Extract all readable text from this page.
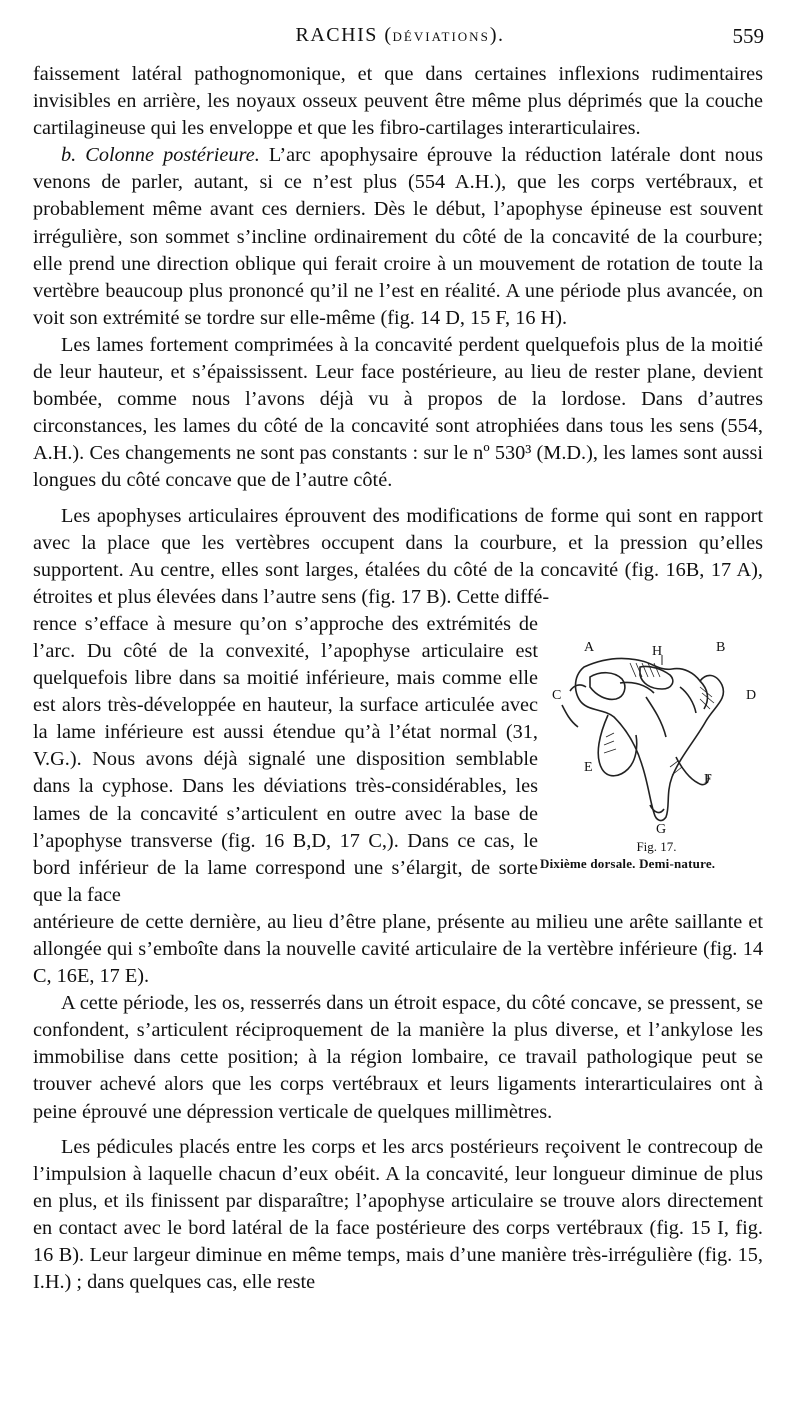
RACHIS (DÉVIATIONS).	559

faissement latéral pathognomonique, et que dans certaines inflexions rudimentaires invisibles en arrière, les noyaux osseux peuvent être même plus déprimés que la couche cartilagineuse qui les enveloppe et que les fibro-cartilages interarticulaires.

b. Colonne postérieure. L’arc apophysaire éprouve la réduction latérale dont nous venons de parler, autant, si ce n’est plus (554 A.H.), que les corps vertébraux, et probablement même avant ces derniers. Dès le début, l’apophyse épineuse est souvent irrégulière, son sommet s’incline ordinairement du côté de la concavité de la courbure; elle prend une direction oblique qui ferait croire à un mouvement de rotation de toute la vertèbre beaucoup plus prononcé qu’il ne l’est en réalité. A une période plus avancée, on voit son extrémité se tordre sur elle-même (fig. 14 D, 15 F, 16 H).

Les lames fortement comprimées à la concavité perdent quelquefois plus de la moitié de leur hauteur, et s’épaississent. Leur face postérieure, au lieu de rester plane, devient bombée, comme nous l’avons déjà vu à propos de la lordose. Dans d’autres circonstances, les lames du côté de la concavité sont atrophiées dans tous les sens (554, A.H.). Ces changements ne sont pas constants : sur le nº 530³ (M.D.), les lames sont aussi longues du côté concave que de l’autre côté.

Les apophyses articulaires éprouvent des modifications de forme qui sont en rapport avec la place que les vertèbres occupent dans la courbure, et la pression qu’elles supportent. Au centre, elles sont larges, étalées du côté de la concavité (fig. 16B, 17 A), étroites et plus élevées dans l’autre sens (fig. 17 B). Cette diffé-

rence s’efface à mesure qu’on s’approche des extrémités de l’arc. Du côté de la convexité, l’apophyse articulaire est quelquefois libre dans sa moitié inférieure, mais comme elle est alors très-développée en hauteur, la surface articulée avec la lame inférieure est aussi étendue qu’à l’état normal (31, V.G.). Nous avons déjà signalé une disposition semblable dans la cyphose. Dans les déviations très-considérables, les lames de la concavité s’articulent en outre avec la base de l’apophyse transverse (fig. 16 B,D, 17 C,). Dans ce cas, le bord inférieur de la lame correspond une s’élargit, de sorte que la face

A	H	B
C	D
E
F
G
Fig. 17.
Dixième dorsale. Demi-nature.

antérieure de cette dernière, au lieu d’être plane, présente au milieu une arête saillante et allongée qui s’emboîte dans la nouvelle cavité articulaire de la vertèbre inférieure (fig. 14 C, 16E, 17 E).

A cette période, les os, resserrés dans un étroit espace, du côté concave, se pressent, se confondent, s’articulent réciproquement de la manière la plus diverse, et l’ankylose les immobilise dans cette position; à la région lombaire, ce travail pathologique peut se trouver achevé alors que les corps vertébraux et leurs ligaments interarticulaires ont à peine éprouvé une dépression verticale de quelques millimètres.

Les pédicules placés entre les corps et les arcs postérieurs reçoivent le contrecoup de l’impulsion à laquelle chacun d’eux obéit. A la concavité, leur longueur diminue de plus en plus, et ils finissent par disparaître; l’apophyse articulaire se trouve alors directement en contact avec le bord latéral de la face postérieure des corps vertébraux (fig. 15 I, fig. 16 B). Leur largeur diminue en même temps, mais d’une manière très-irrégulière (fig. 15, I.H.) ; dans quelques cas, elle reste
